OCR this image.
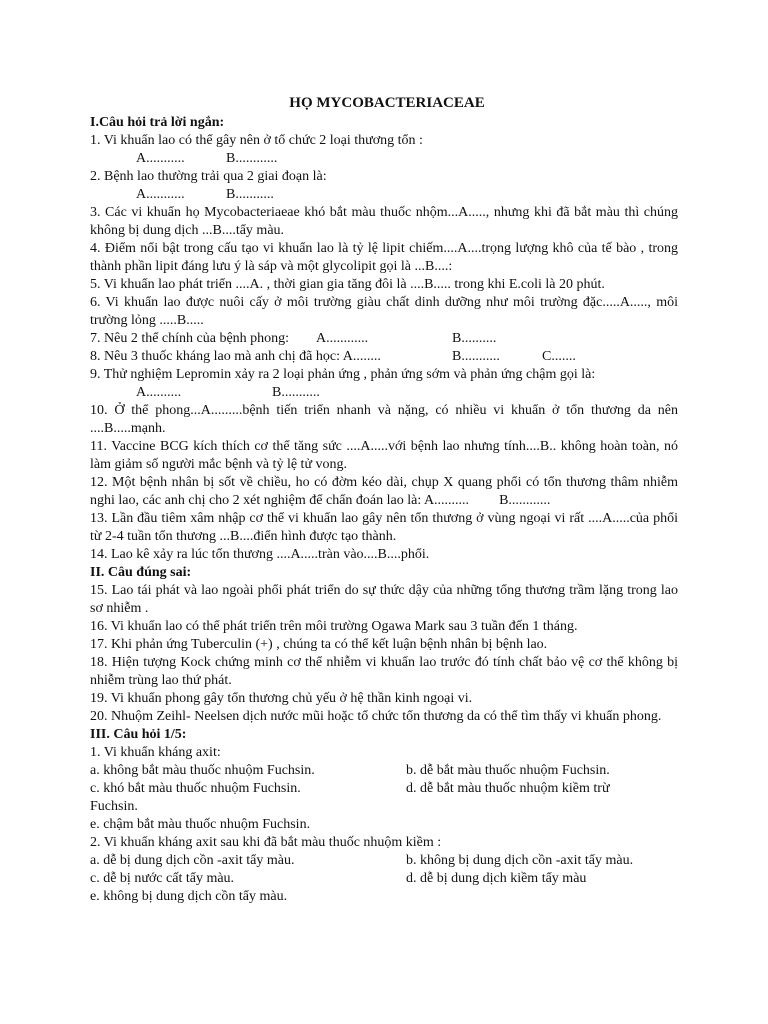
HỌ MYCOBACTERIACEAE

I.Câu hỏi trả lời ngắn:

1. Vi khuẩn lao có thể gây nên ở tổ chức 2 loại thương tổn :

A...........	B............

2. Bệnh lao thường trải qua 2 giai đoạn là:

A...........	B...........

3. Các vi khuẩn họ Mycobacteriaeae khó bắt màu thuốc nhộm...A....., nhưng khi đã bắt màu thì chúng không bị dung dịch ...B....tẩy màu.

4. Điểm nổi bật trong cấu tạo vi khuẩn lao là tỷ lệ lipit chiếm....A....trọng lượng khô của tế bào , trong thành phần lipit đáng lưu ý là sáp và một glycolipit gọi là ...B....:

5. Vi khuẩn lao phát triển ....A. , thời gian gia tăng đôi là ....B..... trong khi E.coli là 20 phút.

6. Vi khuẩn lao được nuôi cấy ở môi trường giàu chất dinh dưỡng như môi trường đặc.....A....., môi trường lỏng .....B.....

7. Nêu 2 thể chính của bệnh phong: A............	B..........

8. Nêu 3 thuốc kháng lao mà anh chị đã học: A........	B...........	C.......

9. Thử nghiệm Lepromin xảy ra 2 loại phản ứng , phản ứng sớm và phản ứng chậm gọi là:

A..........	B...........

10. Ở thể phong...A.........bệnh tiến triển nhanh và nặng, có nhiều vi khuẩn ở tổn thương da nên ....B.....mạnh.

11. Vaccine BCG kích thích cơ thể tăng sức ....A.....với bệnh lao nhưng tính....B.. không hoàn toàn, nó làm giảm số người mắc bệnh và tỷ lệ tử vong.

12. Một bệnh nhân bị sốt về chiều, ho có đờm kéo dài, chụp X quang phổi có tổn thương thâm nhiễm nghi lao, các anh chị cho 2 xét nghiệm để chẩn đoán lao là: A.......... B............

13. Lần đầu tiêm xâm nhập cơ thể vi khuẩn lao gây nên tổn thương ở vùng ngoại vi rất ....A.....của phổi từ 2-4 tuần tổn thương ...B....điển hình được tạo thành.

14. Lao kê xảy ra lúc tổn thương ....A.....tràn vào....B....phổi.

II. Câu đúng sai:

15. Lao tái phát và lao ngoài phổi phát triển do sự thức dậy của những tổng thương trầm lặng trong lao sơ nhiễm .

16. Vi khuẩn lao có thể phát triển trên môi trường Ogawa Mark sau 3 tuần đến 1 tháng.

17. Khi phản ứng Tuberculin (+) , chúng ta có thể kết luận bệnh nhân bị bệnh lao.

18. Hiện tượng Kock chứng minh cơ thể nhiễm vi khuẩn lao trước đó tính chất bảo vệ cơ thể không bị nhiễm trùng lao thứ phát.

19. Vi khuẩn phong gây tổn thương chủ yếu ở hệ thần kinh ngoại vi.

20. Nhuộm Zeihl- Neelsen dịch nước mũi hoặc tổ chức tổn thương da có thể tìm thấy vi khuẩn phong.

III. Câu hỏi 1/5:

1. Vi khuẩn kháng axit:

a. không bắt màu thuốc nhuộm Fuchsin.	b. dễ bắt màu thuốc nhuộm Fuchsin.
c. khó bắt màu thuốc nhuộm Fuchsin.	d. dễ bắt màu thuốc nhuộm kiềm trừ

Fuchsin.

e. chậm bắt màu thuốc nhuộm Fuchsin.

2. Vi khuẩn kháng axit sau khi đã bắt màu thuốc nhuộm kiềm :

a. dễ bị dung dịch cồn -axit tẩy màu.	b. không bị dung dịch cồn -axit tẩy màu.
c. dễ bị nước cất tẩy màu.	d. dễ bị dung dịch kiềm tẩy màu

e. không bị dung dịch cồn tẩy màu.
